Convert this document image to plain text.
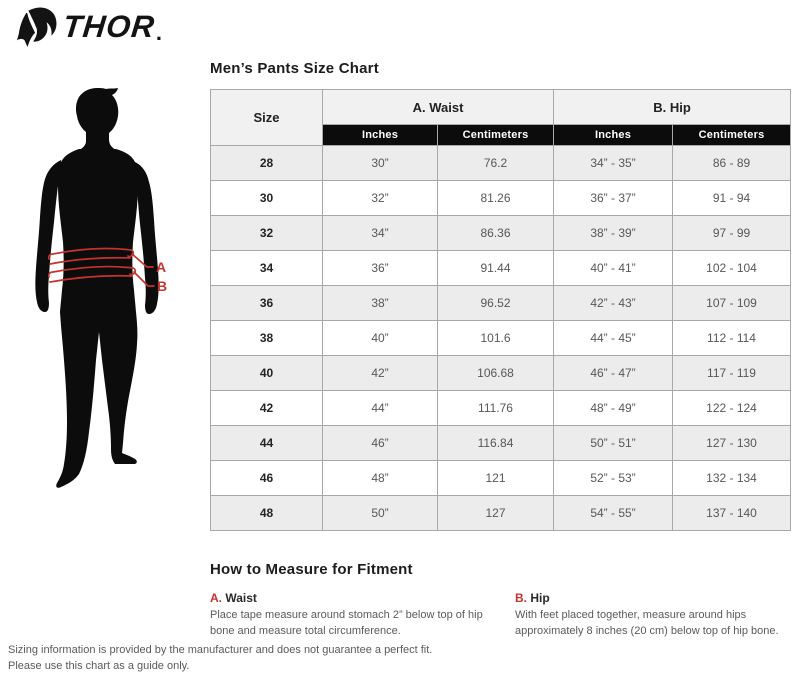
THOR .
A
B
Men’s Pants Size Chart
Size	A. Waist		B. Hip	
	Inches	Centimeters	Inches	Centimeters
28	30”	76.2	34” - 35”	86 - 89
30	32”	81.26	36” - 37”	91 - 94
32	34”	86.36	38” - 39”	97 - 99
34	36”	91.44	40” - 41”	102 - 104
36	38”	96.52	42” - 43”	107 - 109
38	40”	101.6	44” - 45”	112 - 114
40	42”	106.68	46” - 47”	117 - 119
42	44”	111.76	48” - 49”	122 - 124
44	46”	116.84	50” - 51”	127 - 130
46	48”	121	52” - 53”	132 - 134
48	50”	127	54” - 55”	137 - 140
How to Measure for Fitment
A. Waist
Place tape measure around stomach 2” below top of hip bone and measure total circumference.
B. Hip
With feet placed together, measure around hips approximately 8 inches (20 cm) below top of hip bone.
Sizing information is provided by the manufacturer and does not guarantee a perfect fit.
Please use this chart as a guide only.
